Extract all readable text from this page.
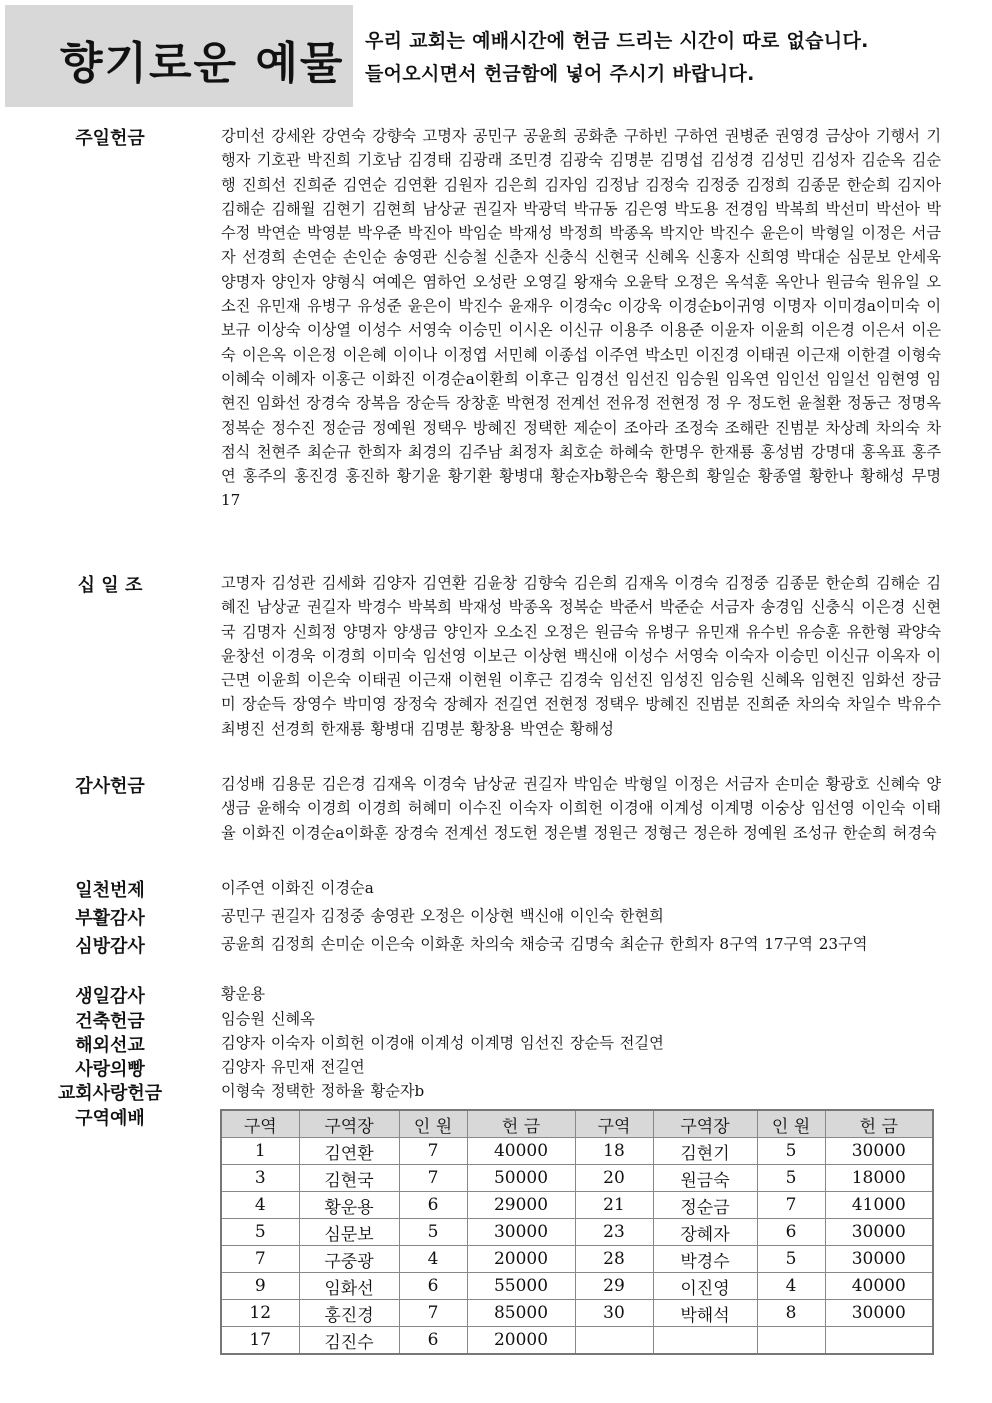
향기로운 예물 우리 교회는 예배시간에 헌금 드리는 시간이 따로 없습니다.
들어오시면서 헌금함에 넣어 주시기 바랍니다.
주일헌금	강미선 강세완 강연숙 강향숙 고명자 공민구 공윤희 공화춘 구하빈 구하연 권병준 권영경 금상아 기행서 기행자 기호관 박진희 기호남 김경태 김광래 조민경 김광숙 김명분 김명섭 김성경 김성민 김성자 김순옥 김순행 진희선 진희준 김연순 김연환 김원자 김은희 김자임 김정남 김정숙 김정중 김정희 김종문 한순희 김지아 김해순 김해월 김현기 김현희 남상균 권길자 박광덕 박규동 김은영 박도용 전경임 박복희 박선미 박선아 박수정 박연순 박영분 박우준 박진아 박임순 박재성 박정희 박종옥 박지안 박진수 윤은이 박형일 이정은 서금자 선경희 손연순 손인순 송영관 신승철 신춘자 신충식 신현국 신혜옥 신홍자 신희영 박대순 심문보 안세욱 양명자 양인자 양형식 여예은 염하언 오성란 오영길 왕재숙 오윤탁 오정은 옥석훈 옥안나 원금숙 원유일 오소진 유민재 유병구 유성준 윤은이 박진수 윤재우 이경숙c 이강욱 이경순b이귀영 이명자 이미경a이미숙 이보규 이상숙 이상열 이성수 서영숙 이승민 이시온 이신규 이용주 이용준 이윤자 이윤희 이은경 이은서 이은숙 이은옥 이은정 이은혜 이이나 이정엽 서민혜 이종섭 이주연 박소민 이진경 이태권 이근재 이한결 이형숙 이혜숙 이혜자 이홍근 이화진 이경순a이환희 이후근 임경선 임선진 임승원 임옥연 임인선 임일선 임현영 임현진 임화선 장경숙 장복음 장순득 장창훈 박현정 전계선 전유정 전현정 정 우 정도헌 윤철환 정동근 정명옥 정복순 정수진 정순금 정예원 정택우 방혜진 정택한 제순이 조아라 조정숙 조해란 진범분 차상례 차의숙 차점식 천현주 최순규 한희자 최경의 김주남 최정자 최호순 하혜숙 한명우 한재룡 홍성범 강명대 홍옥표 홍주연 홍주의 홍진경 홍진하 황기윤 황기환 황병대 황순자b황은숙 황은희 황일순 황종열 황한나 황해성 무명17
십 일 조	고명자 김성관 김세화 김양자 김연환 김윤창 김향숙 김은희 김재옥 이경숙 김정중 김종문 한순희 김해순 김혜진 남상균 권길자 박경수 박복희 박재성 박종옥 정복순 박준서 박준순 서금자 송경임 신충식 이은경 신현국 김명자 신희정 양명자 양생금 양인자 오소진 오정은 원금숙 유병구 유민재 유수빈 유승훈 유한형 곽양숙 윤창선 이경욱 이경희 이미숙 임선영 이보근 이상현 백신애 이성수 서영숙 이숙자 이승민 이신규 이옥자 이근면 이윤희 이은숙 이태권 이근재 이현원 이후근 김경숙 임선진 임성진 임승원 신혜옥 임현진 임화선 장금미 장순득 장영수 박미영 장정숙 장혜자 전길연 전현정 정택우 방혜진 진범분 진희준 차의숙 차일수 박유수 최병진 선경희 한재룡 황병대 김명분 황창용 박연순 황해성
감사헌금	김성배 김용문 김은경 김재옥 이경숙 남상균 권길자 박임순 박형일 이정은 서금자 손미순 황광호 신혜숙 양생금 윤해숙 이경희 이경희 허혜미 이수진 이숙자 이희헌 이경애 이계성 이계명 이숭상 임선영 이인숙 이태율 이화진 이경순a이화훈 장경숙 전계선 정도헌 정은별 정원근 정형근 정은하 정예원 조성규 한순희 허경숙
일천번제	이주연 이화진 이경순a
부활감사	공민구 권길자 김정중 송영관 오정은 이상현 백신애 이인숙 한현희
심방감사	공윤희 김정희 손미순 이은숙 이화훈 차의숙 채승국 김명숙 최순규 한희자 8구역 17구역 23구역
생일감사	황운용
건축헌금	임승원 신혜옥
해외선교	김양자 이숙자 이희헌 이경애 이계성 이계명 임선진 장순득 전길연
사랑의빵	김양자 유민재 전길연
교회사랑헌금	이형숙 정택한 정하율 황순자b
구역예배	구역	구역장	인 원	헌 금	구역	구역장	인 원	헌 금
1	김연환	7	40000	18	김현기	5	30000
3	김현국	7	50000	20	원금숙	5	18000
4	황운용	6	29000	21	정순금	7	41000
5	심문보	5	30000	23	장혜자	6	30000
7	구중광	4	20000	28	박경수	5	30000
9	임화선	6	55000	29	이진영	4	40000
12	홍진경	7	85000	30	박해석	8	30000
17	김진수	6	20000				
